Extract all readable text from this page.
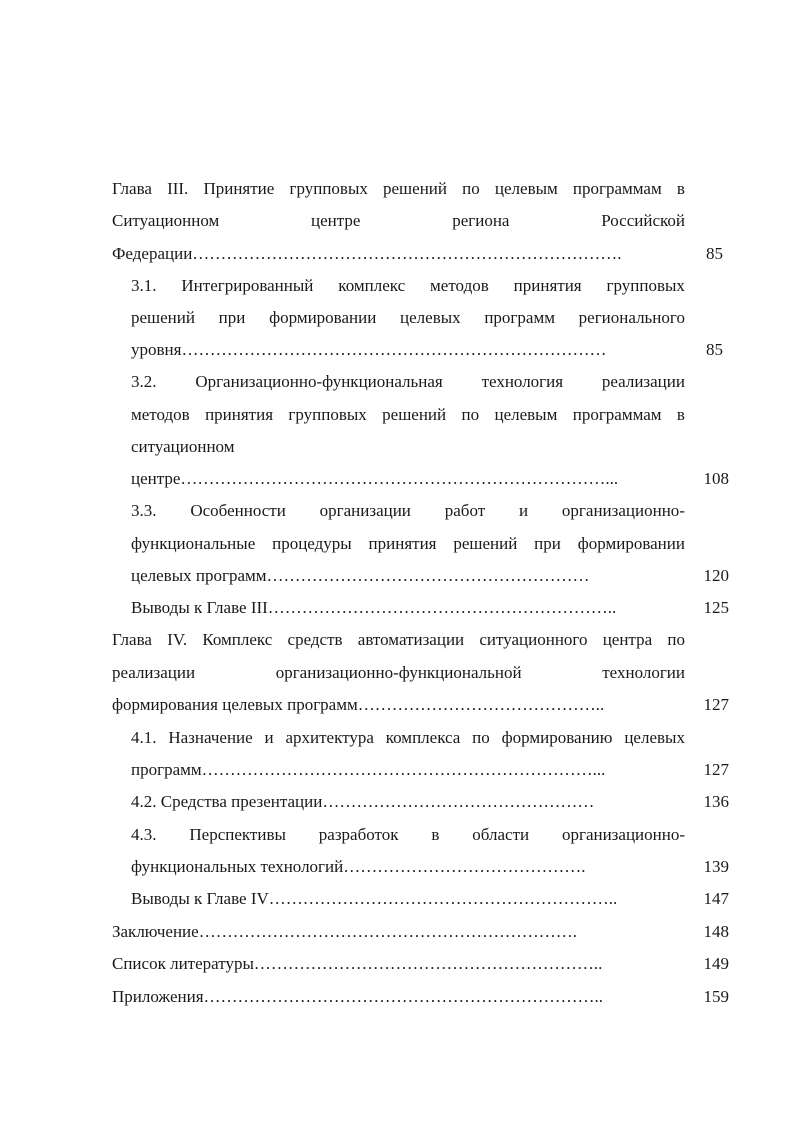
Глава III. Принятие групповых решений по целевым программам в
Ситуационном	центре	региона	Российской
Федерации………………………………………………………………….	85
3.1. Интегрированный комплекс методов принятия групповых
решений при формировании целевых программ регионального
уровня…………………………………………………………………	85
3.2. Организационно-функциональная технология реализации
методов принятия групповых решений по целевым программам в
ситуационном
центре…………………………………………………………………...	108
3.3. Особенности организации работ и организационно-
функциональные процедуры принятия решений при формировании
целевых программ…………………………………………………	120
Выводы к Главе III……………………………………………………..	125
Глава IV. Комплекс средств автоматизации ситуационного центра по
реализации	организационно-функциональной	технологии
формирования целевых программ……………………………………..	127
4.1. Назначение и архитектура комплекса по формированию целевых
программ……………………………………………………………...	127
4.2. Средства презентации…………………………………………	136
4.3. Перспективы разработок в области организационно-
функциональных технологий…………………………………….	139
Выводы к Главе IV……………………………………………………..	147
Заключение………………………………………………………….	148
Список литературы……………………………………………………..	149
Приложения……………………………………………………………..	159
